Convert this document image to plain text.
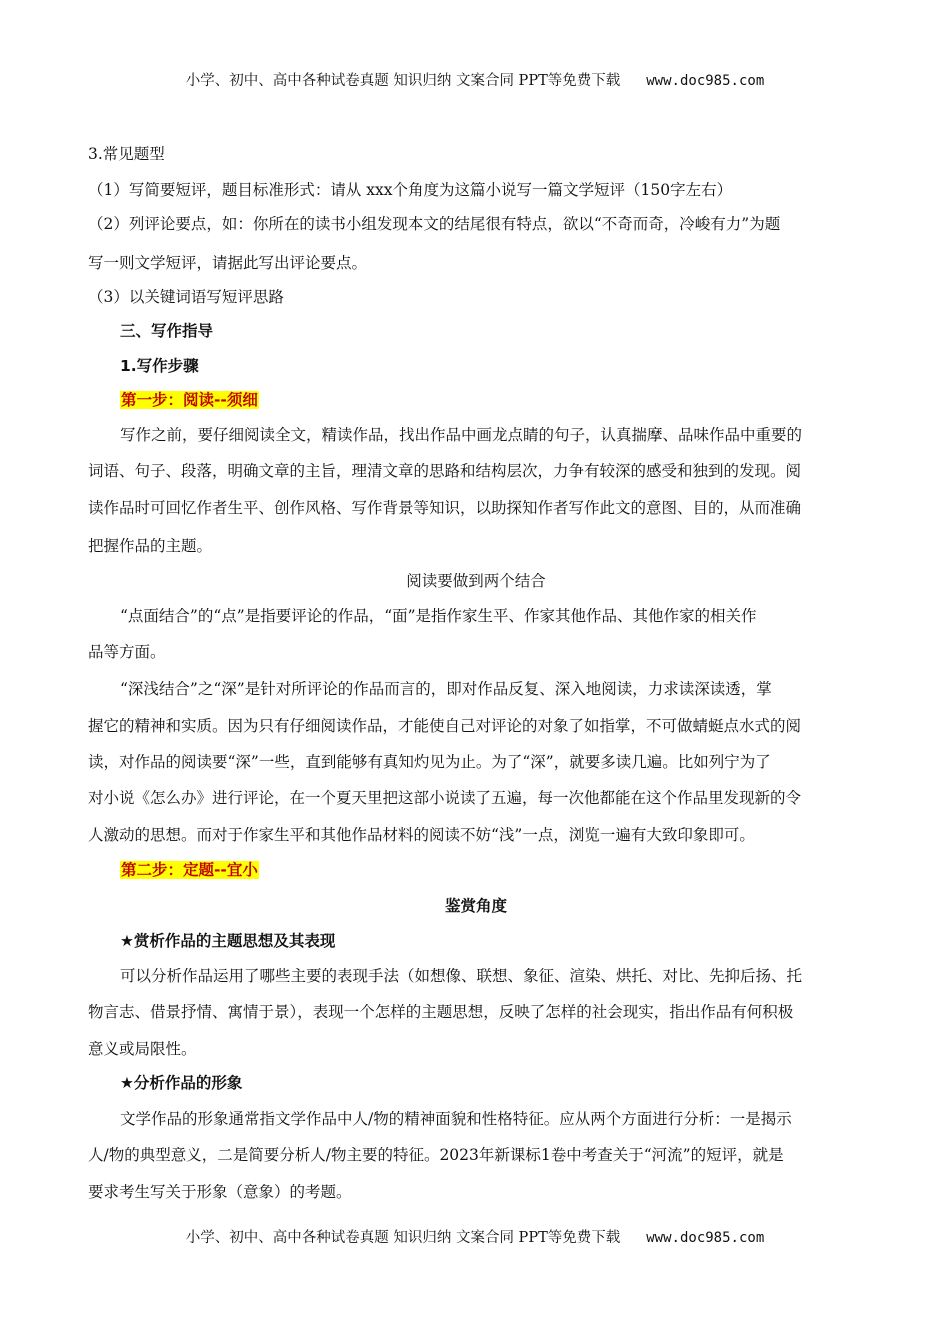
小学、初中、高中各种试卷真题 知识归纳 文案合同 PPT等免费下载 www.doc985.com
3.常见题型
（1）写简要短评，题目标准形式：请从 xxx个角度为这篇小说写一篇文学短评（150字左右）
（2）列评论要点，如：你所在的读书小组发现本文的结尾很有特点，欲以“不奇而奇，冷峻有力”为题
写一则文学短评，请据此写出评论要点。
（3）以关键词语写短评思路
三、写作指导
1.写作步骤
第一步：阅读--须细
写作之前，要仔细阅读全文，精读作品，找出作品中画龙点睛的句子，认真揣摩、品味作品中重要的
词语、句子、段落，明确文章的主旨，理清文章的思路和结构层次，力争有较深的感受和独到的发现。阅
读作品时可回忆作者生平、创作风格、写作背景等知识，以助探知作者写作此文的意图、目的，从而准确
把握作品的主题。
阅读要做到两个结合
“点面结合”的“点”是指要评论的作品，“面”是指作家生平、作家其他作品、其他作家的相关作
品等方面。
“深浅结合”之“深”是针对所评论的作品而言的，即对作品反复、深入地阅读，力求读深读透，掌
握它的精神和实质。因为只有仔细阅读作品，才能使自己对评论的对象了如指掌，不可做蜻蜓点水式的阅
读，对作品的阅读要“深”一些，直到能够有真知灼见为止。为了“深”，就要多读几遍。比如列宁为了
对小说《怎么办》进行评论，在一个夏天里把这部小说读了五遍，每一次他都能在这个作品里发现新的令
人激动的思想。而对于作家生平和其他作品材料的阅读不妨“浅”一点，浏览一遍有大致印象即可。
第二步：定题--宜小
鉴赏角度
★赏析作品的主题思想及其表现
可以分析作品运用了哪些主要的表现手法（如想像、联想、象征、渲染、烘托、对比、先抑后扬、托
物言志、借景抒情、寓情于景），表现一个怎样的主题思想，反映了怎样的社会现实，指出作品有何积极
意义或局限性。
★分析作品的形象
文学作品的形象通常指文学作品中人/物的精神面貌和性格特征。应从两个方面进行分析：一是揭示
人/物的典型意义，二是简要分析人/物主要的特征。2023年新课标1卷中考查关于“河流”的短评，就是
要求考生写关于形象（意象）的考题。
小学、初中、高中各种试卷真题 知识归纳 文案合同 PPT等免费下载 www.doc985.com
